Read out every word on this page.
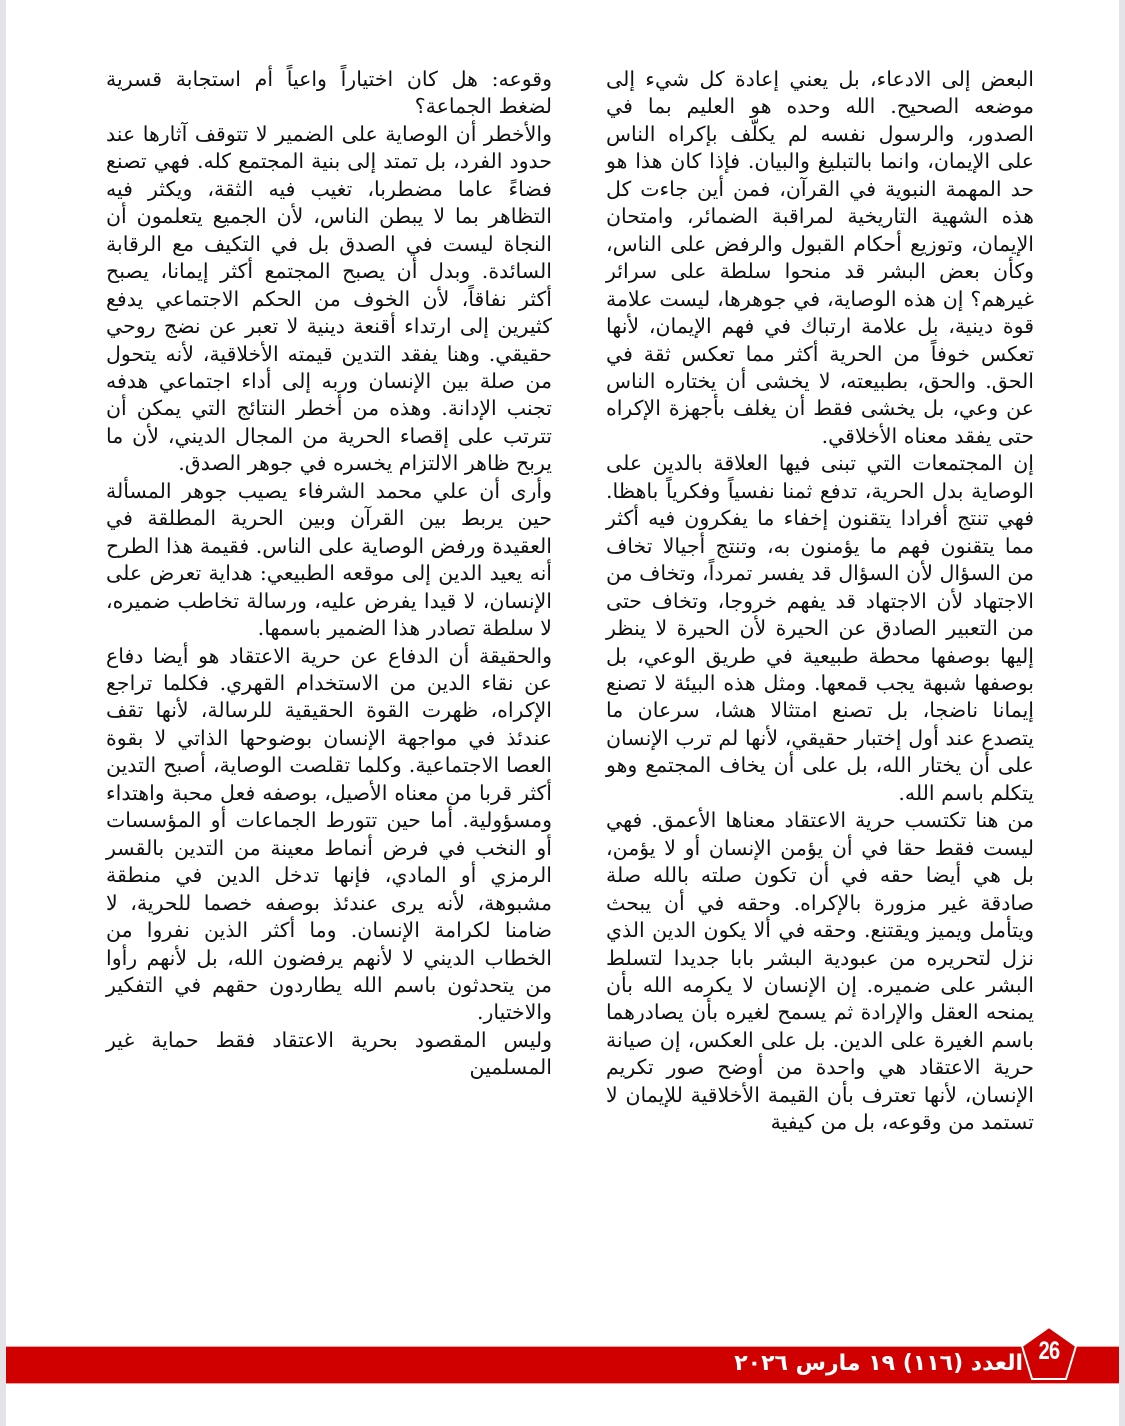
البعض إلى الادعاء، بل يعني إعادة كل شيء إلى موضعه الصحيح. الله وحده هو العليم بما في الصدور، والرسول نفسه لم يكلّف بإكراه الناس على الإيمان، وانما بالتبليغ والبيان. فإذا كان هذا هو حد المهمة النبوية في القرآن، فمن أين جاءت كل هذه الشهية التاريخية لمراقبة الضمائر، وامتحان الإيمان، وتوزيع أحكام القبول والرفض على الناس، وكأن بعض البشر قد منحوا سلطة على سرائر غيرهم؟ إن هذه الوصاية، في جوهرها، ليست علامة قوة دينية، بل علامة ارتباك في فهم الإيمان، لأنها تعكس خوفاً من الحرية أكثر مما تعكس ثقة في الحق. والحق، بطبيعته، لا يخشى أن يختاره الناس عن وعي، بل يخشى فقط أن يغلف بأجهزة الإكراه حتى يفقد معناه الأخلاقي.

إن المجتمعات التي تبنى فيها العلاقة بالدين على الوصاية بدل الحرية، تدفع ثمنا نفسياً وفكرياً باهظا. فهي تنتج أفرادا يتقنون إخفاء ما يفكرون فيه أكثر مما يتقنون فهم ما يؤمنون به، وتنتج أجيالا تخاف من السؤال لأن السؤال قد يفسر تمرداً، وتخاف من الاجتهاد لأن الاجتهاد قد يفهم خروجا، وتخاف حتى من التعبير الصادق عن الحيرة لأن الحيرة لا ينظر إليها بوصفها محطة طبيعية في طريق الوعي، بل بوصفها شبهة يجب قمعها. ومثل هذه البيئة لا تصنع إيمانا ناضجا، بل تصنع امتثالا هشا، سرعان ما يتصدع عند أول إختبار حقيقي، لأنها لم ترب الإنسان على أن يختار الله، بل على أن يخاف المجتمع وهو يتكلم باسم الله.

من هنا تكتسب حرية الاعتقاد معناها الأعمق. فهي ليست فقط حقا في أن يؤمن الإنسان أو لا يؤمن، بل هي أيضا حقه في أن تكون صلته بالله صلة صادقة غير مزورة بالإكراه. وحقه في أن يبحث ويتأمل ويميز ويقتنع. وحقه في ألا يكون الدين الذي نزل لتحريره من عبودية البشر بابا جديدا لتسلط البشر على ضميره. إن الإنسان لا يكرمه الله بأن يمنحه العقل والإرادة ثم يسمح لغيره بأن يصادرهما باسم الغيرة على الدين. بل على العكس، إن صيانة حرية الاعتقاد هي واحدة من أوضح صور تكريم الإنسان، لأنها تعترف بأن القيمة الأخلاقية للإيمان لا تستمد من وقوعه، بل من كيفية

وقوعه: هل كان اختياراً واعياً أم استجابة قسرية لضغط الجماعة؟

والأخطر أن الوصاية على الضمير لا تتوقف آثارها عند حدود الفرد، بل تمتد إلى بنية المجتمع كله. فهي تصنع فضاءً عاما مضطربا، تغيب فيه الثقة، ويكثر فيه التظاهر بما لا يبطن الناس، لأن الجميع يتعلمون أن النجاة ليست في الصدق بل في التكيف مع الرقابة السائدة. وبدل أن يصبح المجتمع أكثر إيمانا، يصبح أكثر نفاقاً، لأن الخوف من الحكم الاجتماعي يدفع كثيرين إلى ارتداء أقنعة دينية لا تعبر عن نضج روحي حقيقي. وهنا يفقد التدين قيمته الأخلاقية، لأنه يتحول من صلة بين الإنسان وربه إلى أداء اجتماعي هدفه تجنب الإدانة. وهذه من أخطر النتائج التي يمكن أن تترتب على إقصاء الحرية من المجال الديني، لأن ما يربح ظاهر الالتزام يخسره في جوهر الصدق.

وأرى أن علي محمد الشرفاء يصيب جوهر المسألة حين يربط بين القرآن وبين الحرية المطلقة في العقيدة ورفض الوصاية على الناس. فقيمة هذا الطرح أنه يعيد الدين إلى موقعه الطبيعي: هداية تعرض على الإنسان، لا قيدا يفرض عليه، ورسالة تخاطب ضميره، لا سلطة تصادر هذا الضمير باسمها.

والحقيقة أن الدفاع عن حرية الاعتقاد هو أيضا دفاع عن نقاء الدين من الاستخدام القهري. فكلما تراجع الإكراه، ظهرت القوة الحقيقية للرسالة، لأنها تقف عندئذ في مواجهة الإنسان بوضوحها الذاتي لا بقوة العصا الاجتماعية. وكلما تقلصت الوصاية، أصبح التدين أكثر قربا من معناه الأصيل، بوصفه فعل محبة واهتداء ومسؤولية. أما حين تتورط الجماعات أو المؤسسات أو النخب في فرض أنماط معينة من التدين بالقسر الرمزي أو المادي، فإنها تدخل الدين في منطقة مشبوهة، لأنه يرى عندئذ بوصفه خصما للحرية، لا ضامنا لكرامة الإنسان. وما أكثر الذين نفروا من الخطاب الديني لا لأنهم يرفضون الله، بل لأنهم رأوا من يتحدثون باسم الله يطاردون حقهم في التفكير والاختيار.

وليس المقصود بحرية الاعتقاد فقط حماية غير المسلمين

العدد (١١٦) ١٩ مارس ٢٠٢٦ 26
